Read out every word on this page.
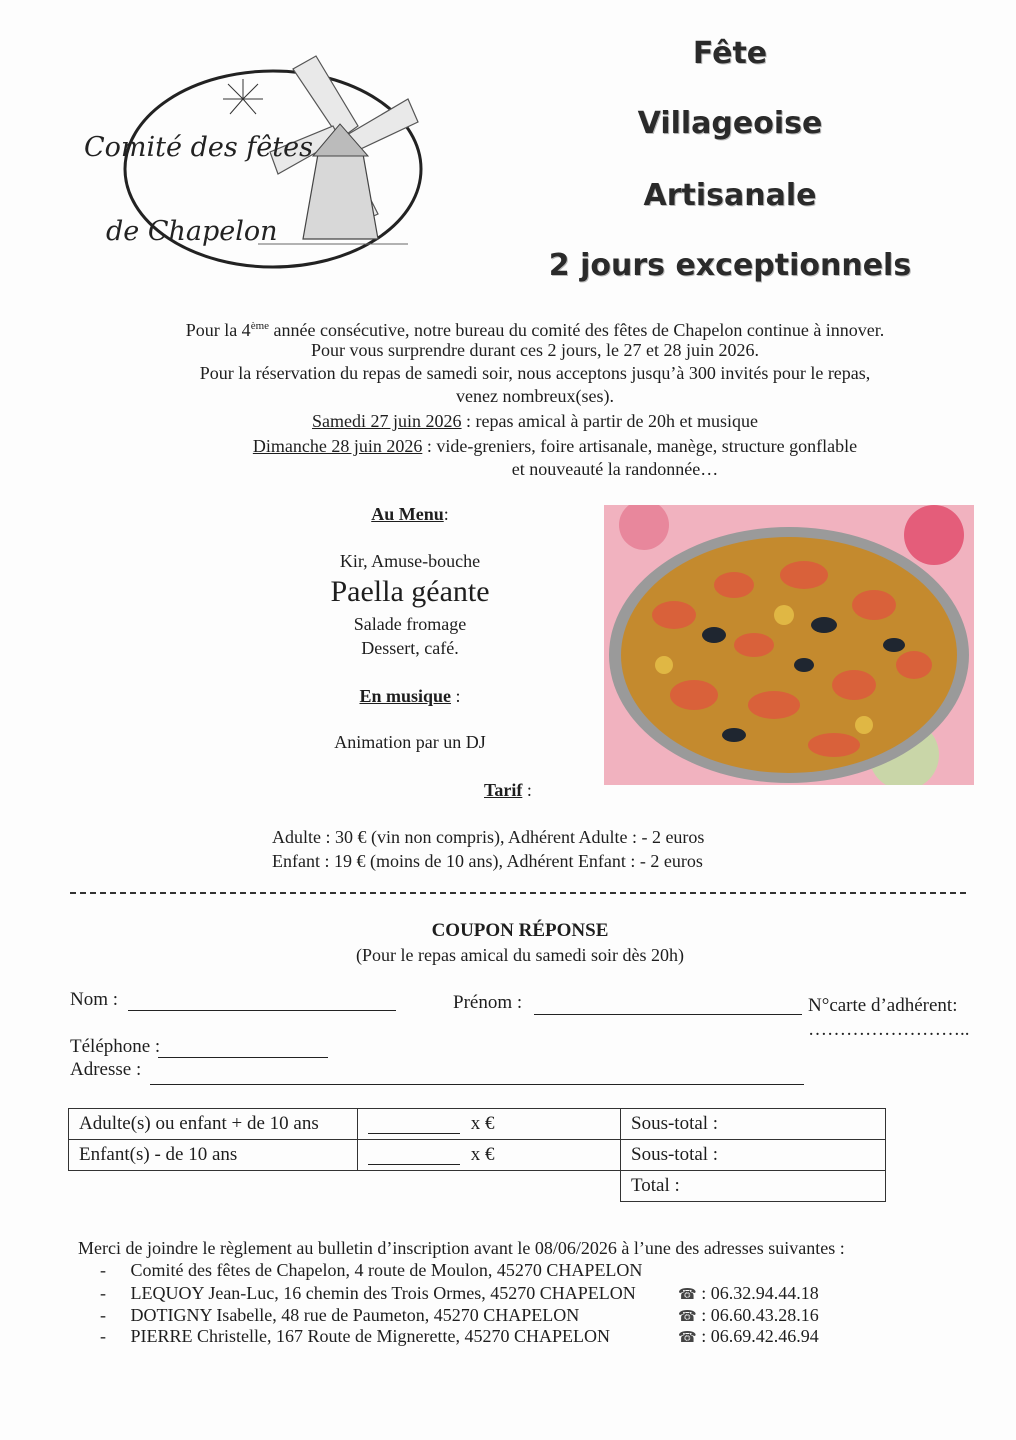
Comité des fêtes
de Chapelon
Fête
Villageoise
Artisanale
2 jours exceptionnels
Pour la 4ème année consécutive, notre bureau du comité des fêtes de Chapelon continue à innover.
Pour vous surprendre durant ces 2 jours, le 27 et 28 juin 2026.
Pour la réservation du repas de samedi soir, nous acceptons jusqu’à 300 invités pour le repas,
venez nombreux(ses).
Samedi 27 juin 2026 : repas amical à partir de 20h et musique
Dimanche 28 juin 2026 : vide-greniers, foire artisanale, manège, structure gonflable
et nouveauté la randonnée…
Au Menu:
Kir, Amuse-bouche
Paella géante
Salade fromage
Dessert, café.
En musique :
Animation par un DJ
Tarif :
Adulte : 30 € (vin non compris), Adhérent Adulte : - 2 euros
Enfant : 19 € (moins de 10 ans), Adhérent Enfant : - 2 euros
COUPON RÉPONSE
(Pour le repas amical du samedi soir dès 20h)
Nom :	Prénom :	N°carte d’adhérent:
……………………..
Téléphone :
Adresse :
Adulte(s) ou enfant + de 10 ans	x €	Sous-total :
Enfant(s) - de 10 ans	x €	Sous-total :
		Total :
Merci de joindre le règlement au bulletin d’inscription avant le 08/06/2026 à l’une des adresses suivantes :
- Comité des fêtes de Chapelon, 4 route de Moulon, 45270 CHAPELON
- LEQUOY Jean-Luc, 16 chemin des Trois Ormes, 45270 CHAPELON	☎ : 06.32.94.44.18
- DOTIGNY Isabelle, 48 rue de Paumeton, 45270 CHAPELON	☎ : 06.60.43.28.16
- PIERRE Christelle, 167 Route de Mignerette, 45270 CHAPELON	☎ : 06.69.42.46.94
